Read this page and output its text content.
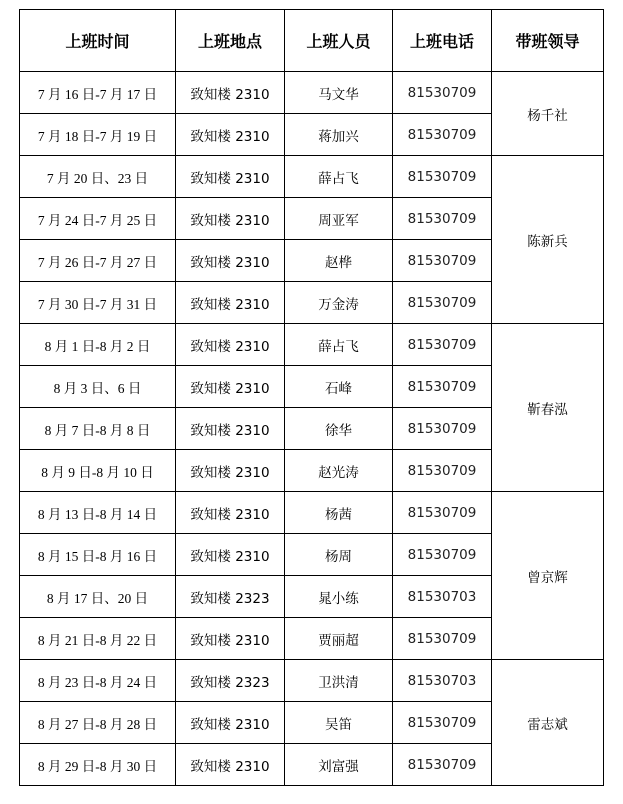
上班时间	上班地点	上班人员	上班电话	带班领导
7 月 16 日-7 月 17 日	致知楼 2310	马文华	81530709	杨千社
7 月 18 日-7 月 19 日	致知楼 2310	蒋加兴	81530709	
7 月 20 日、23 日	致知楼 2310	薛占飞	81530709	陈新兵
7 月 24 日-7 月 25 日	致知楼 2310	周亚军	81530709	
7 月 26 日-7 月 27 日	致知楼 2310	赵桦	81530709	
7 月 30 日-7 月 31 日	致知楼 2310	万金涛	81530709	
8 月 1 日-8 月 2 日	致知楼 2310	薛占飞	81530709	靳春泓
8 月 3 日、6 日	致知楼 2310	石峰	81530709	
8 月 7 日-8 月 8 日	致知楼 2310	徐华	81530709	
8 月 9 日-8 月 10 日	致知楼 2310	赵光涛	81530709	
8 月 13 日-8 月 14 日	致知楼 2310	杨茜	81530709	曾京辉
8 月 15 日-8 月 16 日	致知楼 2310	杨周	81530709	
8 月 17 日、20 日	致知楼 2323	晁小练	81530703	
8 月 21 日-8 月 22 日	致知楼 2310	贾丽超	81530709	
8 月 23 日-8 月 24 日	致知楼 2323	卫洪清	81530703	雷志斌
8 月 27 日-8 月 28 日	致知楼 2310	吴笛	81530709	
8 月 29 日-8 月 30 日	致知楼 2310	刘富强	81530709	
